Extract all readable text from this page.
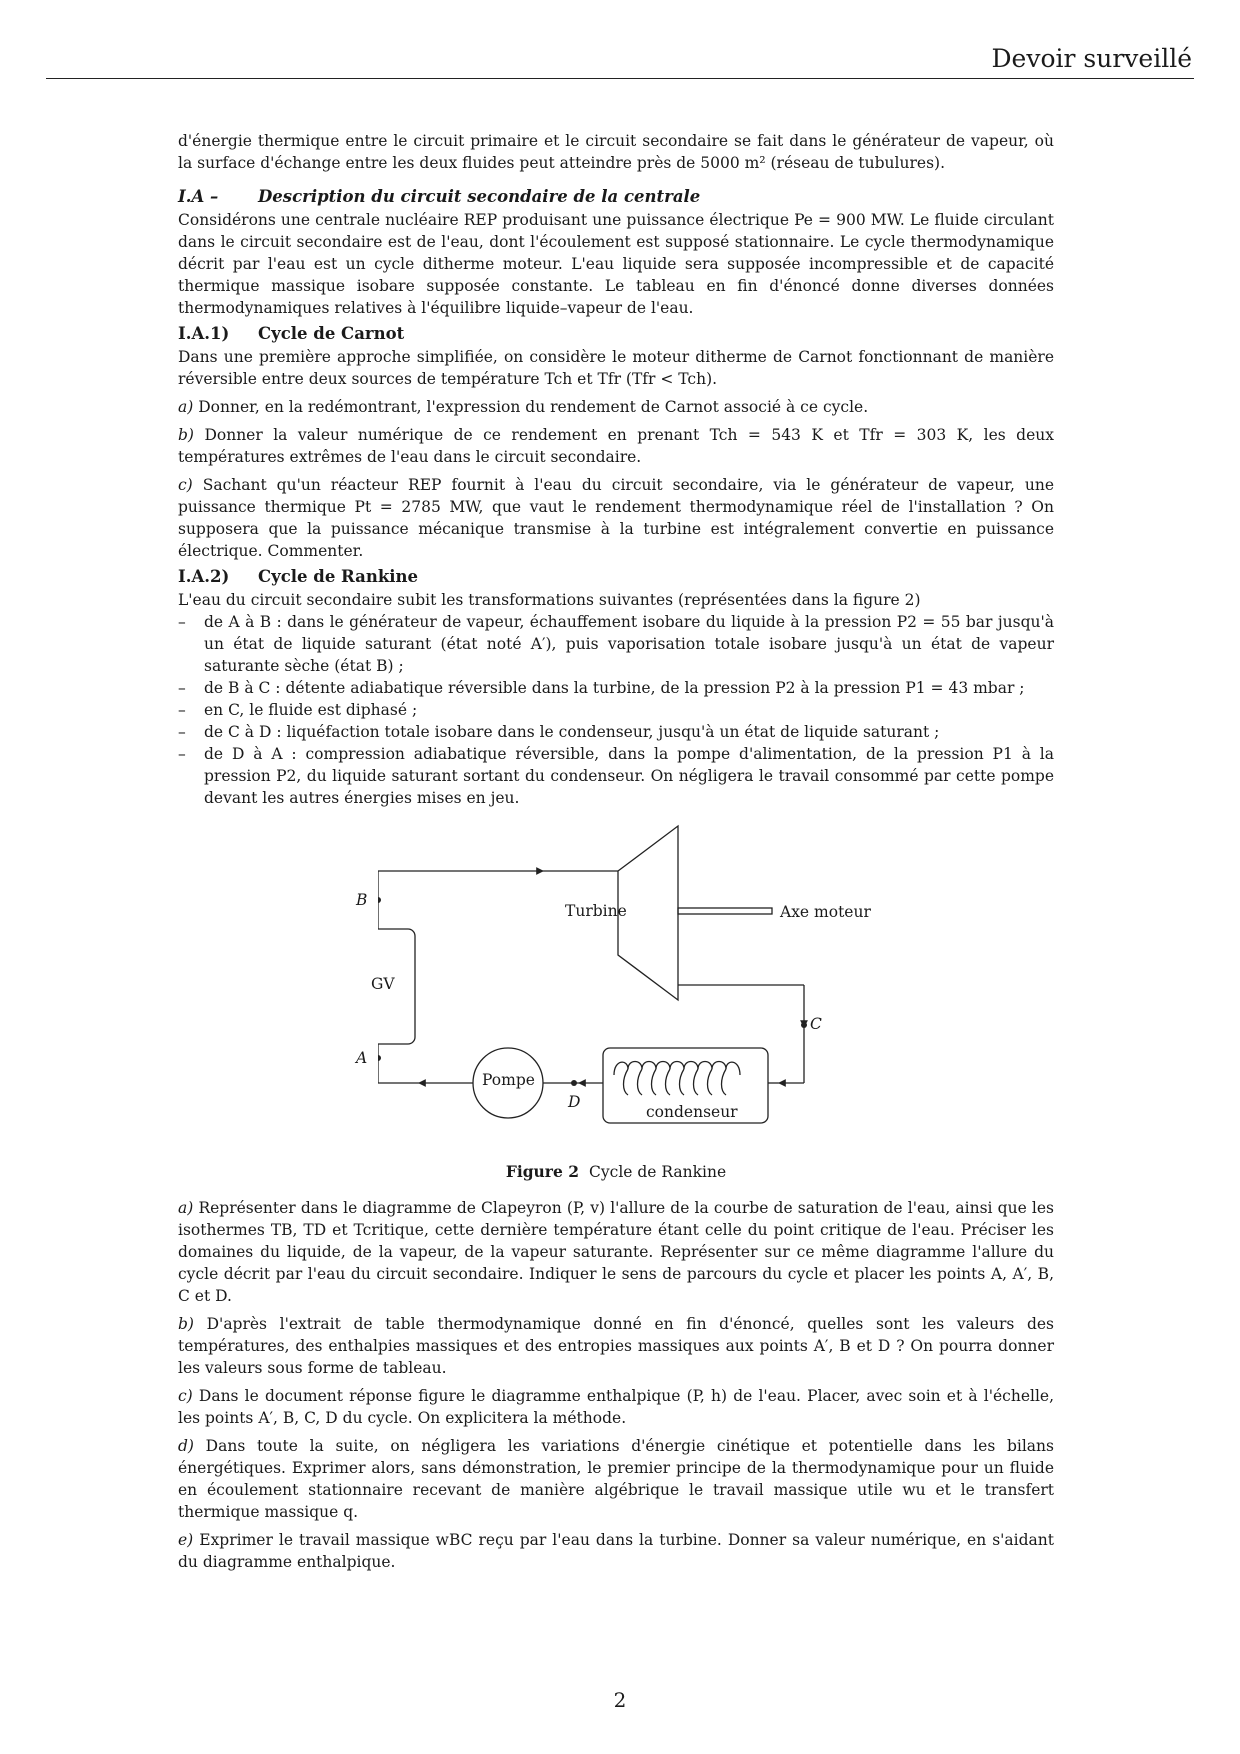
Devoir surveillé

d'énergie thermique entre le circuit primaire et le circuit secondaire se fait dans le générateur de vapeur, où la surface d'échange entre les deux fluides peut atteindre près de 5000 m² (réseau de tubulures).

I.A – Description du circuit secondaire de la centrale

Considérons une centrale nucléaire REP produisant une puissance électrique Pe = 900 MW. Le fluide circulant dans le circuit secondaire est de l'eau, dont l'écoulement est supposé stationnaire. Le cycle thermodynamique décrit par l'eau est un cycle ditherme moteur. L'eau liquide sera supposée incompressible et de capacité thermique massique isobare supposée constante. Le tableau en fin d'énoncé donne diverses données thermodynamiques relatives à l'équilibre liquide–vapeur de l'eau.

I.A.1) Cycle de Carnot

Dans une première approche simplifiée, on considère le moteur ditherme de Carnot fonctionnant de manière réversible entre deux sources de température Tch et Tfr (Tfr < Tch).

a) Donner, en la redémontrant, l'expression du rendement de Carnot associé à ce cycle.

b) Donner la valeur numérique de ce rendement en prenant Tch = 543 K et Tfr = 303 K, les deux températures extrêmes de l'eau dans le circuit secondaire.

c) Sachant qu'un réacteur REP fournit à l'eau du circuit secondaire, via le générateur de vapeur, une puissance thermique Pt = 2785 MW, que vaut le rendement thermodynamique réel de l'installation ? On supposera que la puissance mécanique transmise à la turbine est intégralement convertie en puissance électrique. Commenter.

I.A.2) Cycle de Rankine

L'eau du circuit secondaire subit les transformations suivantes (représentées dans la figure 2)

– de A à B : dans le générateur de vapeur, échauffement isobare du liquide à la pression P2 = 55 bar jusqu'à un état de liquide saturant (état noté A′), puis vaporisation totale isobare jusqu'à un état de vapeur saturante sèche (état B) ;
– de B à C : détente adiabatique réversible dans la turbine, de la pression P2 à la pression P1 = 43 mbar ;
– en C, le fluide est diphasé ;
– de C à D : liquéfaction totale isobare dans le condenseur, jusqu'à un état de liquide saturant ;
– de D à A : compression adiabatique réversible, dans la pompe d'alimentation, de la pression P1 à la pression P2, du liquide saturant sortant du condenseur. On négligera le travail consommé par cette pompe devant les autres énergies mises en jeu.
B
A
C
D
Turbine	Axe moteur
GV
Pompe
condenseur

Figure 2 Cycle de Rankine

a) Représenter dans le diagramme de Clapeyron (P, v) l'allure de la courbe de saturation de l'eau, ainsi que les isothermes TB, TD et Tcritique, cette dernière température étant celle du point critique de l'eau. Préciser les domaines du liquide, de la vapeur, de la vapeur saturante. Représenter sur ce même diagramme l'allure du cycle décrit par l'eau du circuit secondaire. Indiquer le sens de parcours du cycle et placer les points A, A′, B, C et D.

b) D'après l'extrait de table thermodynamique donné en fin d'énoncé, quelles sont les valeurs des températures, des enthalpies massiques et des entropies massiques aux points A′, B et D ? On pourra donner les valeurs sous forme de tableau.

c) Dans le document réponse figure le diagramme enthalpique (P, h) de l'eau. Placer, avec soin et à l'échelle, les points A′, B, C, D du cycle. On explicitera la méthode.

d) Dans toute la suite, on négligera les variations d'énergie cinétique et potentielle dans les bilans énergétiques. Exprimer alors, sans démonstration, le premier principe de la thermodynamique pour un fluide en écoulement stationnaire recevant de manière algébrique le travail massique utile wu et le transfert thermique massique q.

e) Exprimer le travail massique wBC reçu par l'eau dans la turbine. Donner sa valeur numérique, en s'aidant du diagramme enthalpique.

2
